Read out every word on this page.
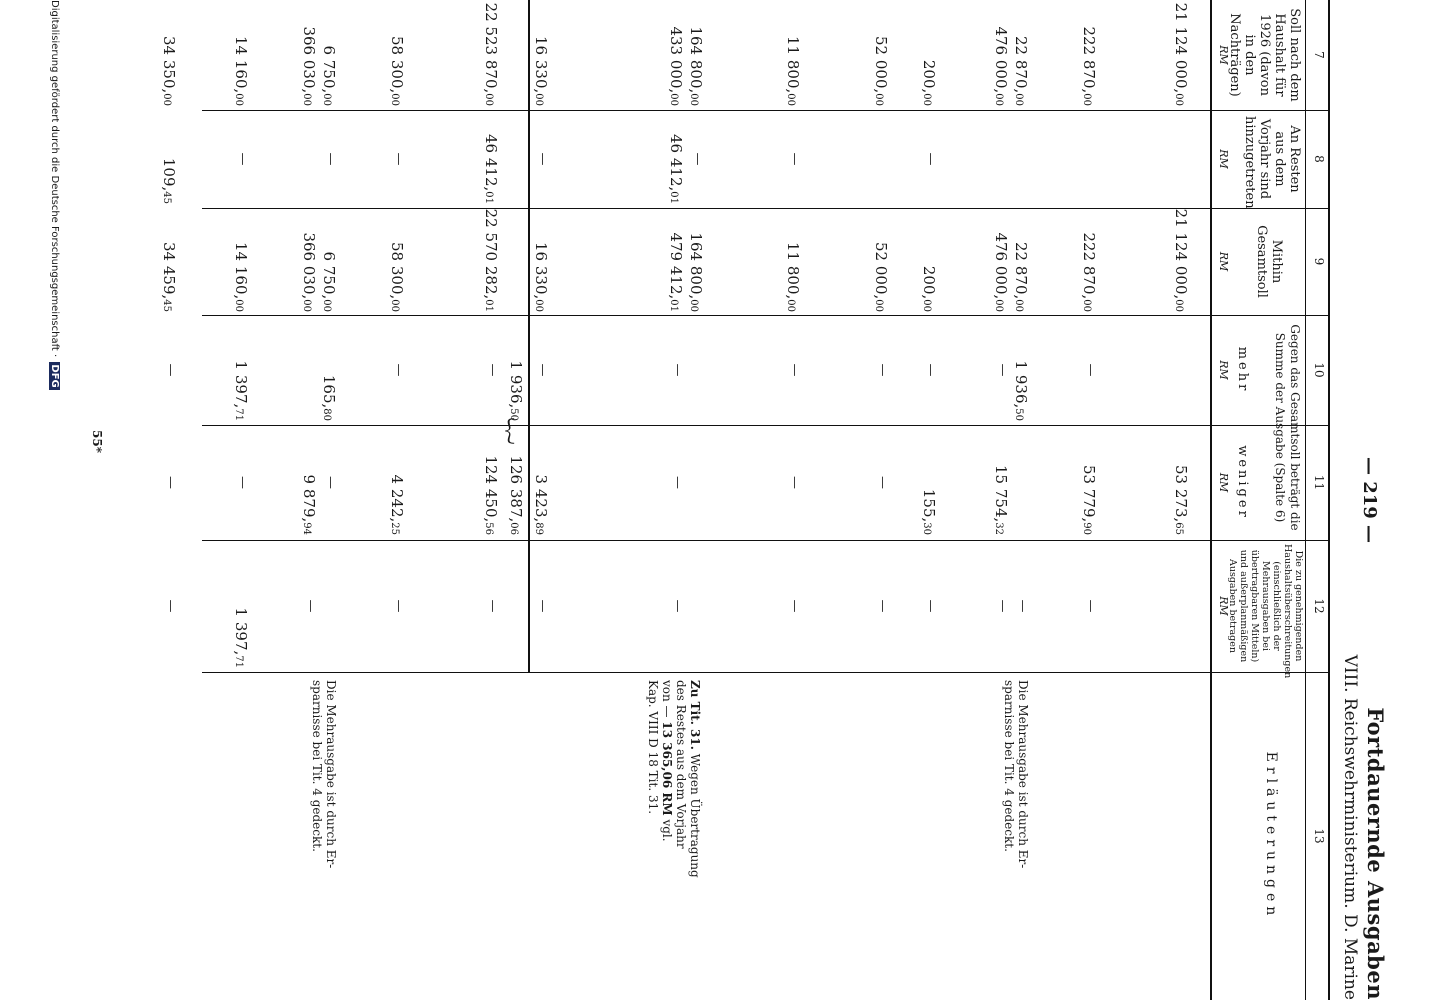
— 219 —
Fortdauernde Ausgaben
VIII. Reichswehrministerium. D. Marine
7
8
9
10
11
12
13
Soll nach dem Haushalt für 1926 (davon in den Nachträgen)
An Resten aus dem Vorjahr sind hinzugetreten
Mithin Gesamtsoll
Gegen das Gesamtsoll beträgt die Summe der Ausgabe (Spalte 6)
mehr
weniger
Die zu genehmigenden Haushaltsüberschreitungen (einschließlich der Mehrausgaben bei übertragbaren Mitteln) und außerplanmäßigen Ausgaben betragen
Erläuterungen
RM
RM
RM
RM
RM
RM
21 124 000,00
21 124 000,00
53 273,65
222 870,00
222 870,00
53 779,90
—
—
22 870,00
22 870,00
1 936,50
—
476 000,00
476 000,00
15 754,32
—
—
Die Mehrausgabe ist durch Er-
sparnisse bei Tit. 4 gedeckt.
200,00
200,00
155,30
—
—
—
52 000,00
52 000,00
—
—
—
11 800,00
11 800,00
—
—
—
—
164 800,00
164 800,00
—
433 000,00
46 412,01
479 412,01
—
—
—
Zu Tit. 31. Wegen Übertragung
des Restes aus dem Vorjahr
von — 13 365,06 RM vgl.
Kap. VIII D 18 Tit. 31.
16 330,00
16 330,00
3 423,89
—
—
—
1 936,50
126 387,06
︸
22 523 870,00
46 412,01
22 570 282,01
124 450,56
—
—
58 300,00
58 300,00
4 242,25
—
—
—
6 750,00
6 750,00
165,80
—
—
366 030,00
366 030,00
9 879,94
—
Die Mehrausgabe ist durch Er-
sparnisse bei Tit. 4 gedeckt.
14 160,00
14 160,00
1 397,71
1 397,71
—
—
34 350,00
109,45
34 459,45
—
—
—
55*
Digitalisierung gefördert durch die Deutsche Forschungsgemeinschaft · DFG
